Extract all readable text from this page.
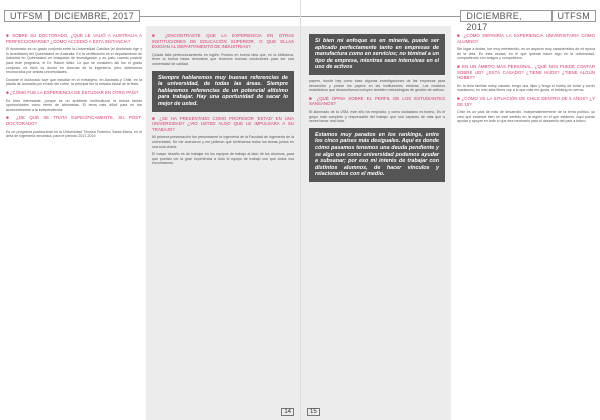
UTFSM	DICIEMBRE, 2017
■ SOBRE SU DOCTORADO, ¿QUÉ LE VALIÓ A AUSTRALIA A PERFECCIONARSE? ¿CÓMO ACCEDIÓ A ESTA INSTANCIA?

El doctorado es un grado conjunto entre la Universidad Católica (el doctorado rige y lo acreditado) del Queensland en Australia. En la certificación es el departamento de Industria en Queensland en búsqueda de investigación y es justo cuando postulé para este programa, el Dr. Rainer Walz. Lo que se consideró allí fue el grado conjunto: mi título es doctor en ciencias de la ingeniería, pero obtenemos reconocidos por ambas universidades.

Durante el doctorado tuve que estudiar en el extranjero, en Australia y Chile, en la planta de Australia por el lado del cobre, la principal fue la estadía inicial de la tesis.

■ ¿CÓMO FUE LA EXPERIENCIA DE ESTUDIAR EN OTRO PAÍS?

Es bien interesante, porque es un ambiente multicultural; te brinda tantas oportunidades como tenés de afrontarlas. El tema más difícil para mí fue acostumbrarme a la independencia.

■ ¿DE QUÉ SE TRATA ESPECÍFICAMENTE, SU POST-DOCTORADO?

Es un programa postdoctoral en la Universidad Técnica Federico Santa María, en el área de ingeniería mecánica, para el periodo 2017-2019.

■ ¿ENCONTRASTE QUE LA EXPERIENCIA EN OTRAS INSTITUCIONES DE EDUCACIÓN SUPERIOR, O QUE ELLAS EXIGÍAN AL DEPARTAMENTO DE INDUSTRIAS?

Quizás falta perfeccionamiento en inglés. Pocitos en buena idea que, en la biblioteca, tener la buena hasta demostrar que tenemos buenas condiciones para ser una universidad de calidad.

Siempre hablaremos muy buenas referencias de la universidad, de todas las áreas. Siempre hablaremos referencias de un potencial altísimo para trabajar. Hay una oportunidad de sacar lo mejor de usted.
■ ¿SE HA PRESENTADO COMO PROFESOR 'ESTAD' EN UNA UNIVERSIDAD? ¿VIO USTED ALGO QUE LE IMPULSARA A SU TRABAJO?

Mi primera presentación fue presentarme la ingeniería de la Facultad de Ingeniería de la universidad. Se me acercaron y me pidieron que tuviéramos todos los temas juntos en una sola charla.

El mayor desafío es de trabajar en los equipos de trabajo al lado de los alumnos, para que puedan ver la gran experiencia a todo el equipo de trabajo con que todos nos encontramos.

14
DICIEMBRE, 2017
UTFSM
Si bien mi enfoque es en minería, puede ser aplicado perfectamente tanto en empresas de manufactura como en servicios; no téminal a un tipo de empresa, mientras sean intensivas en el uso de activos

papers, donde hay como base algunas investigaciones de las empresas para desarrollar y probar los papers en las instituciones mineras. Los modelos estadísticos que desarrollamos incluyen también metodologías de gestión de activos.

■ ¿QUÉ OPINA SOBRE EL PERFIL DE LOS ESTUDIANTES SANSANOS?

El alumnado de la USM, este año ha mejorado, y como ciudadano es bueno. Es el grupo más completo y responsable del trabajo: que son capaces de más que a veces tomar una hora.

Estamos muy parados en los rankings, entre los cinco países más desiguales. Aquí es donde cómo pasamos tenemos una deuda pendiente y se algo que como universidad podemos ayudar a subsanar; por eso mi interés de trabajar con distintos alumnos, de hacer vínculos y relacionarlos con el medio.
■ ¿CÓMO DEFINIRÍA LA EXPERIENCIA UNIVERSITARIA COMO ALUMNO?

Sin lugar a dudas, fue muy entretenido, es un aspecto muy característico de mi época de la vida. En esta ciudad, en el que quieras hacer algo en la universidad, compartiendo con amigos y compañeros.

■ EN UN ÁMBITO MÁS PERSONAL, ¿QUÉ NOS PUEDE CONTAR SOBRE UD? ¿ESTÁ CASADO? ¿TIENE HIJOS? ¿TIENE ALGÚN HOBBY?

En la feria familiar estoy casado, tengo dos hijos y tengo el hobby de trotar y correr maratones; en mis ratos libres voy a lo que más me gusta, el trekking en cerros.

■ ¿CÓMO VE LA SITUACIÓN DE CHILE DENTRO DE 5 AÑOS? ¿Y DE 10?

Chile es un país de más de desarrollo. Independientemente de la tema político, yo creo que estamos bien en este sentido en la región en el que estamos. Aquí puede ayudar y apoyar en todo lo que sea necesario para el desarrollo del país a futuro.

15
